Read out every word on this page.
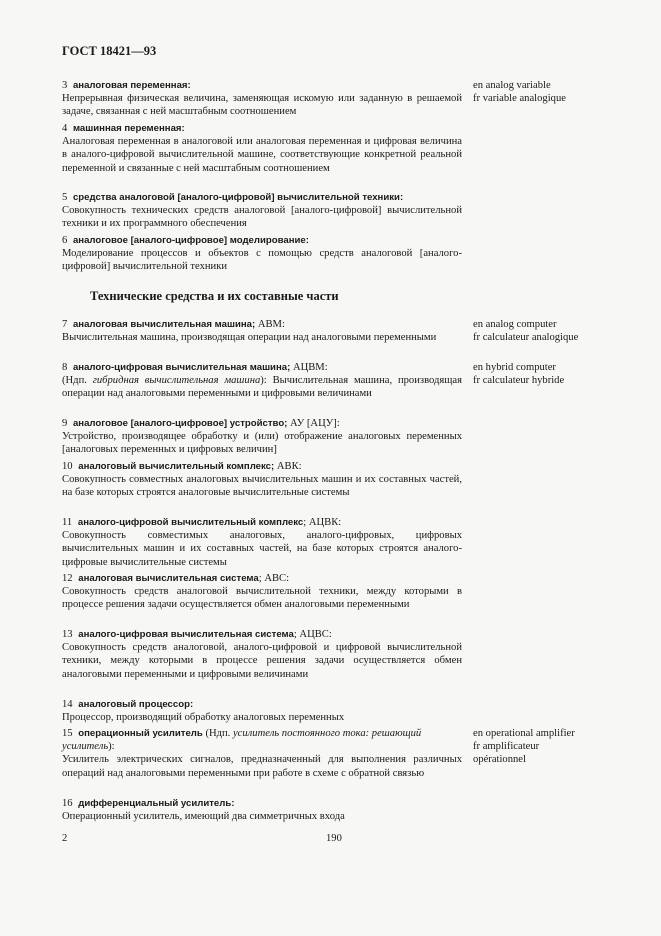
ГОСТ 18421—93
3 аналоговая переменная:
Непрерывная физическая величина, заменяющая искомую или заданную в решаемой задаче, связанная с ней масштабным соотношением
en analog variable
fr variable analogique
4 машинная переменная:
Аналоговая переменная в аналоговой или аналоговая переменная и цифровая величина в аналого-цифровой вычислительной машине, соответствующие конкретной реальной переменной и связанные с ней масштабным соотношением
5 средства аналоговой [аналого-цифровой] вычислительной техники:
Совокупность технических средств аналоговой [аналого-цифровой] вычислительной техники и их программного обеспечения
6 аналоговое [аналого-цифровое] моделирование:
Моделирование процессов и объектов с помощью средств аналоговой [аналого-цифровой] вычислительной техники
Технические средства и их составные части
7 аналоговая вычислительная машина; АВМ:
Вычислительная машина, производящая операции над аналоговыми переменными
en analog computer
fr calculateur analogique
8 аналого-цифровая вычислительная машина; АЦВМ:
(Ндп. гибридная вычислительная машина): Вычислительная машина, производящая операции над аналоговыми переменными и цифровыми величинами
en hybrid computer
fr calculateur hybride
9 аналоговое [аналого-цифровое] устройство; АУ [АЦУ]:
Устройство, производящее обработку и (или) отображение аналоговых переменных [аналоговых переменных и цифровых величин]
10 аналоговый вычислительный комплекс; АВК:
Совокупность совместных аналоговых вычислительных машин и их составных частей, на базе которых строятся аналоговые вычислительные системы
11 аналого-цифровой вычислительный комплекс; АЦВК:
Совокупность совместимых аналоговых, аналого-цифровых, цифровых вычислительных машин и их составных частей, на базе которых строятся аналого-цифровые вычислительные системы
12 аналоговая вычислительная система; АВС:
Совокупность средств аналоговой вычислительной техники, между которыми в процессе решения задачи осуществляется обмен аналоговыми переменными
13 аналого-цифровая вычислительная система; АЦВС:
Совокупность средств аналоговой, аналого-цифровой и цифровой вычислительной техники, между которыми в процессе решения задачи осуществляется обмен аналоговыми переменными и цифровыми величинами
14 аналоговый процессор:
Процессор, производящий обработку аналоговых переменных
15 операционный усилитель (Ндп. усилитель постоянного тока: решающий усилитель):
Усилитель электрических сигналов, предназначенный для выполнения различных операций над аналоговыми переменными при работе в схеме с обратной связью
en operational amplifier
fr amplificateur
opérationnel
16 дифференциальный усилитель:
Операционный усилитель, имеющий два симметричных входа
2	190
